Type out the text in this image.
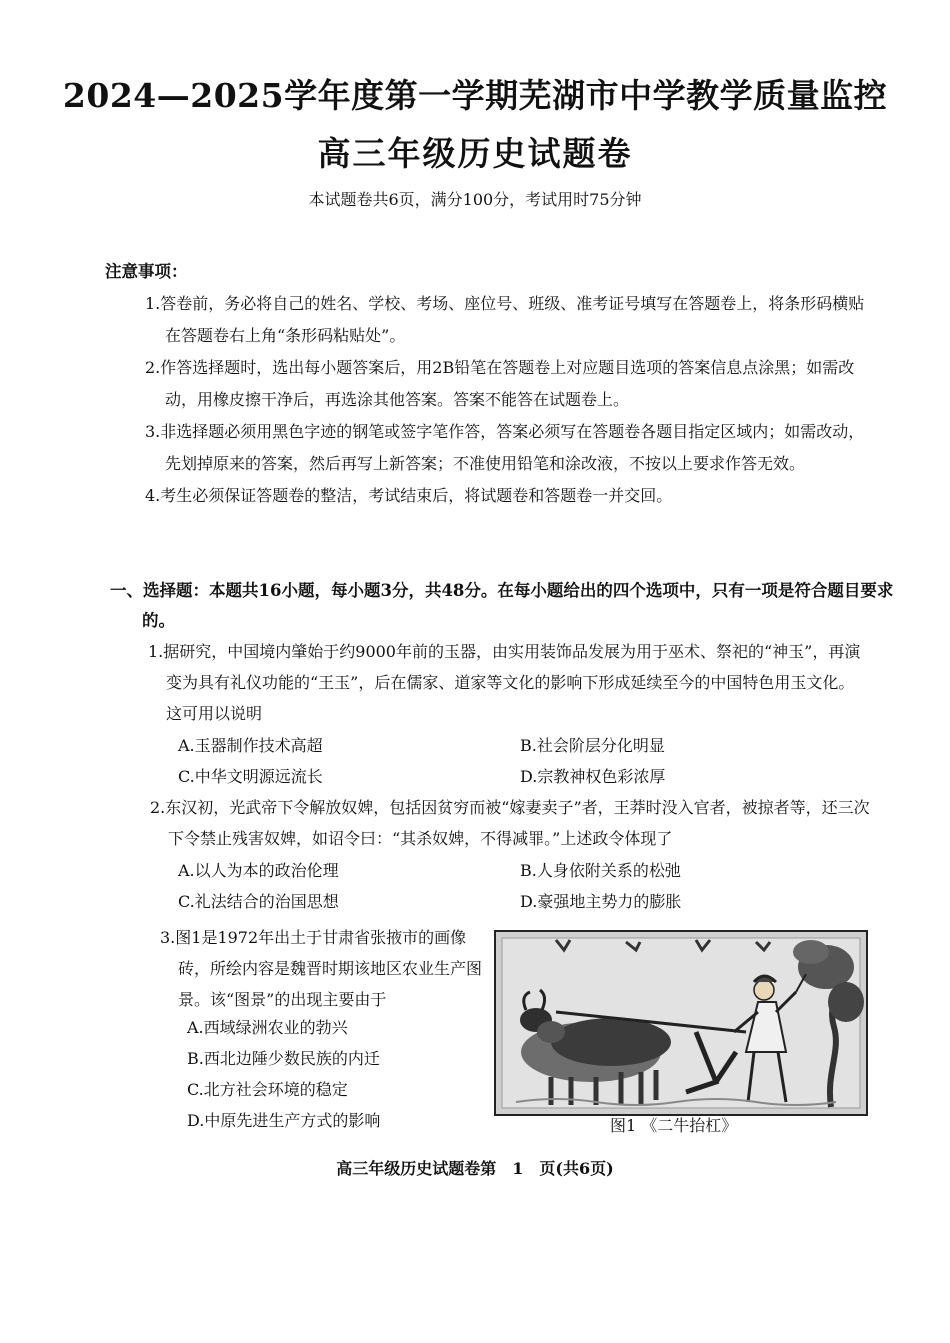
2024—2025学年度第一学期芜湖市中学教学质量监控
高三年级历史试题卷
本试题卷共6页，满分100分，考试用时75分钟
注意事项：
1.答卷前，务必将自己的姓名、学校、考场、座位号、班级、准考证号填写在答题卷上，将条形码横贴在答题卷右上角“条形码粘贴处”。
2.作答选择题时，选出每小题答案后，用2B铅笔在答题卷上对应题目选项的答案信息点涂黑；如需改动，用橡皮擦干净后，再选涂其他答案。答案不能答在试题卷上。
3.非选择题必须用黑色字迹的钢笔或签字笔作答，答案必须写在答题卷各题目指定区域内；如需改动，先划掉原来的答案，然后再写上新答案；不准使用铅笔和涂改液，不按以上要求作答无效。
4.考生必须保证答题卷的整洁，考试结束后，将试题卷和答题卷一并交回。
一、选择题：本题共16小题，每小题3分，共48分。在每小题给出的四个选项中，只有一项是符合题目要求的。
1.据研究，中国境内肇始于约9000年前的玉器，由实用装饰品发展为用于巫术、祭祀的“神玉”，再演变为具有礼仪功能的“王玉”，后在儒家、道家等文化的影响下形成延续至今的中国特色用玉文化。这可用以说明
A.玉器制作技术高超	B.社会阶层分化明显
C.中华文明源远流长	D.宗教神权色彩浓厚
2.东汉初，光武帝下令解放奴婢，包括因贫穷而被“嫁妻卖子”者，王莽时没入官者，被掠者等，还三次下令禁止残害奴婢，如诏令曰：“其杀奴婢，不得减罪。”上述政令体现了
A.以人为本的政治伦理	B.人身依附关系的松弛
C.礼法结合的治国思想	D.豪强地主势力的膨胀
3.图1是1972年出土于甘肃省张掖市的画像砖，所绘内容是魏晋时期该地区农业生产图景。该“图景”的出现主要由于
A.西域绿洲农业的勃兴
B.西北边陲少数民族的内迁
C.北方社会环境的稳定
D.中原先进生产方式的影响	图1 《二牛抬杠》
高三年级历史试题卷第　1　页(共6页)
